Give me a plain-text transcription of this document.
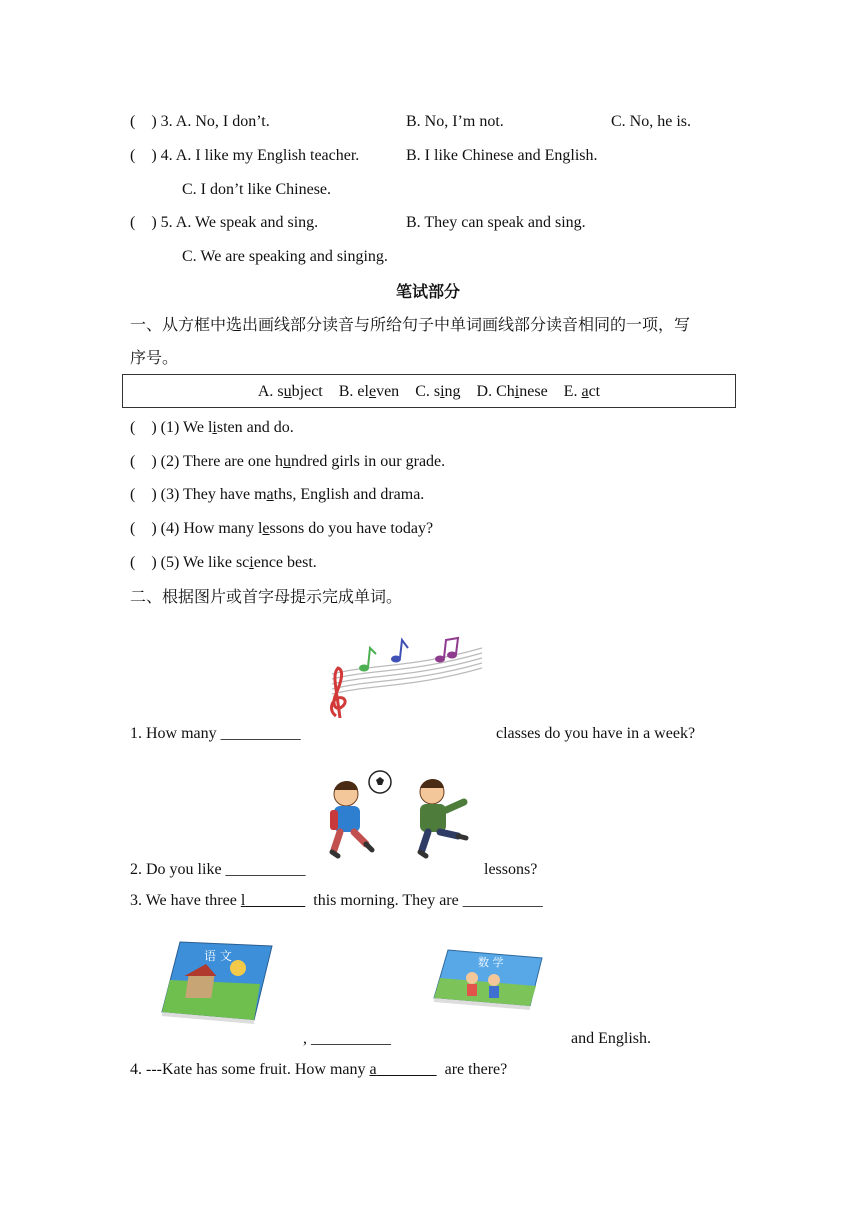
( ) 3. A. No, I don’t.	B. No, I’m not.	C. No, he is.
( ) 4. A. I like my English teacher.	B. I like Chinese and English.
C. I don’t like Chinese.
( ) 5. A. We speak and sing.	B. They can speak and sing.
C. We are speaking and singing.
笔试部分
一、从方框中选出画线部分读音与所给句子中单词画线部分读音相同的一项，写
序号。
A. subject B. eleven C. sing D. Chinese E. act
( ) (1) We listen and do.
( ) (2) There are one hundred girls in our grade.
( ) (3) They have maths, English and drama.
( ) (4) How many lessons do you have today?
( ) (5) We like science best.
二、根据图片或首字母提示完成单词。
1. How many __________	classes do you have in a week?
2. Do you like __________	lessons?
3. We have three l	this morning. They are __________
语 文	数 学
, __________	and English.
4. ---Kate has some fruit. How many a	are there?
